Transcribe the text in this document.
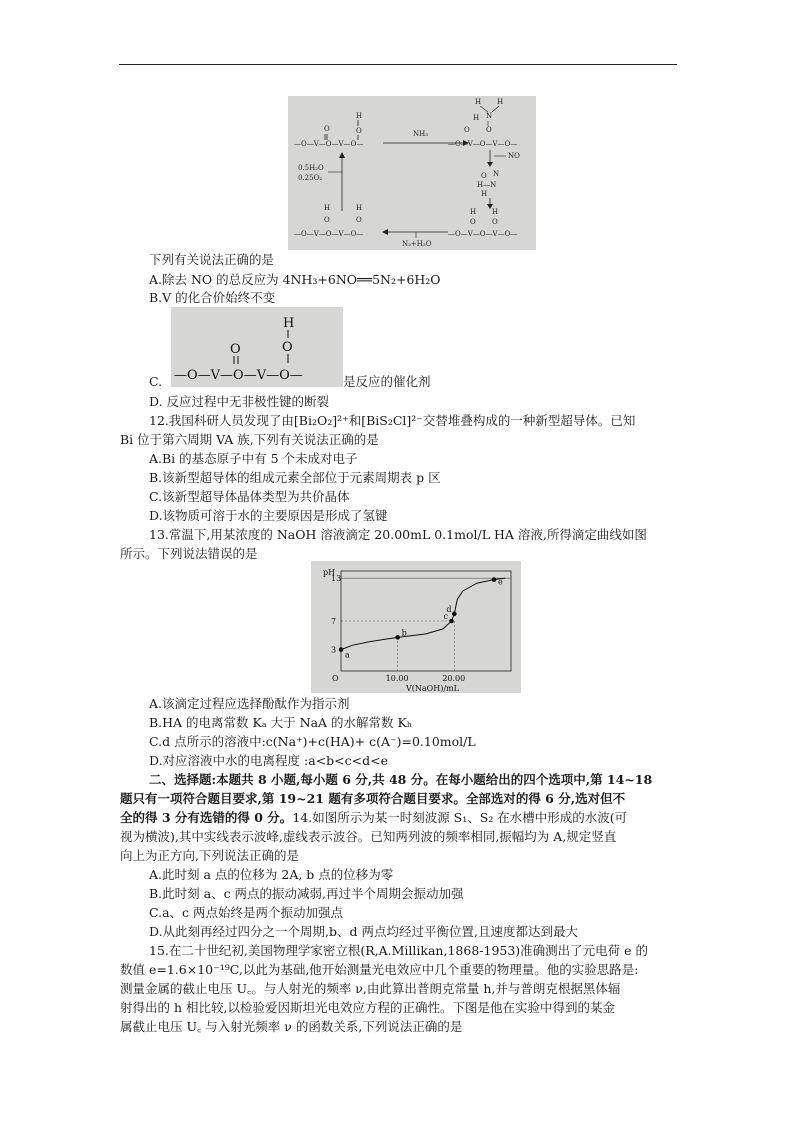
H
O
O
—O—V—O—V—O—
NH₃
H H
N
H
O O
—O—V—O—V—O—
NO
O N
H—N
H
H H
O O
—O—V—O—V—O—
N₂+H₂O
H	H
O	O
—O—V—O—V—O—
0.5H₂O
0.25O₂
下列有关说法正确的是
A.除去 NO 的总反应为 4NH₃+6NO══5N₂+6H₂O
B.V 的化合价始终不变
C.
H
O
O
—O—V—O—V—O—	是反应的催化剂
D. 反应过程中无非极性键的断裂
12.我国科研人员发现了由[Bi₂O₂]²⁺和[BiS₂Cl]²⁻交替堆叠构成的一种新型超导体。已知
Bi 位于第六周期 VA 族,下列有关说法正确的是
A.Bi 的基态原子中有 5 个未成对电子
B.该新型超导体的组成元素全部位于元素周期表 p 区
C.该新型超导体晶体类型为共价晶体
D.该物质可溶于水的主要原因是形成了氢键
13.常温下,用某浓度的 NaOH 溶液滴定 20.00mL 0.1mol/L HA 溶液,所得滴定曲线如图
所示。下列说法错误的是
pH
V(NaOH)/mL
O
3
7
13
10.00	20.00
a
b
c
d
e
A.该滴定过程应选择酚酞作为指示剂
B.HA 的电离常数 Kₐ 大于 NaA 的水解常数 Kₕ
C.d 点所示的溶液中:c(Na⁺)+c(HA)+ c(A⁻)=0.10mol/L
D.对应溶液中水的电离程度 :a<b<c<d<e
二、选择题:本题共 8 小题,每小题 6 分,共 48 分。在每小题给出的四个选项中,第 14~18
题只有一项符合题目要求,第 19~21 题有多项符合题目要求。全部选对的得 6 分,选对但不
全的得 3 分有选错的得 0 分。14.如图所示为某一时刻波源 S₁、S₂ 在水槽中形成的水波(可
视为横波),其中实线表示波峰,虚线表示波谷。已知两列波的频率相同,振幅均为 A,规定竖直
向上为正方向,下列说法正确的是
A.此时刻 a 点的位移为 2A, b 点的位移为零
B.此时刻 a、c 两点的振动减弱,再过半个周期会振动加强
C.a、c 两点始终是两个振动加强点
D.从此刻再经过四分之一个周期,b、d 两点均经过平衡位置,且速度都达到最大
15.在二十世纪初,美国物理学家密立根(R,A.Millikan,1868-1953)准确测出了元电荷 e 的
数值 e=1.6×10⁻¹⁹C,以此为基础,他开始测量光电效应中几个重要的物理量。他的实验思路是:
测量金属的截止电压 U꜀。与人射光的频率 ν,由此算出普朗克常量 h,并与普朗克根据黑体辐
射得出的 h 相比较,以检验爱因斯坦光电效应方程的正确性。下图是他在实验中得到的某金
属截止电压 U꜀ 与入射光频率 ν 的函数关系,下列说法正确的是
